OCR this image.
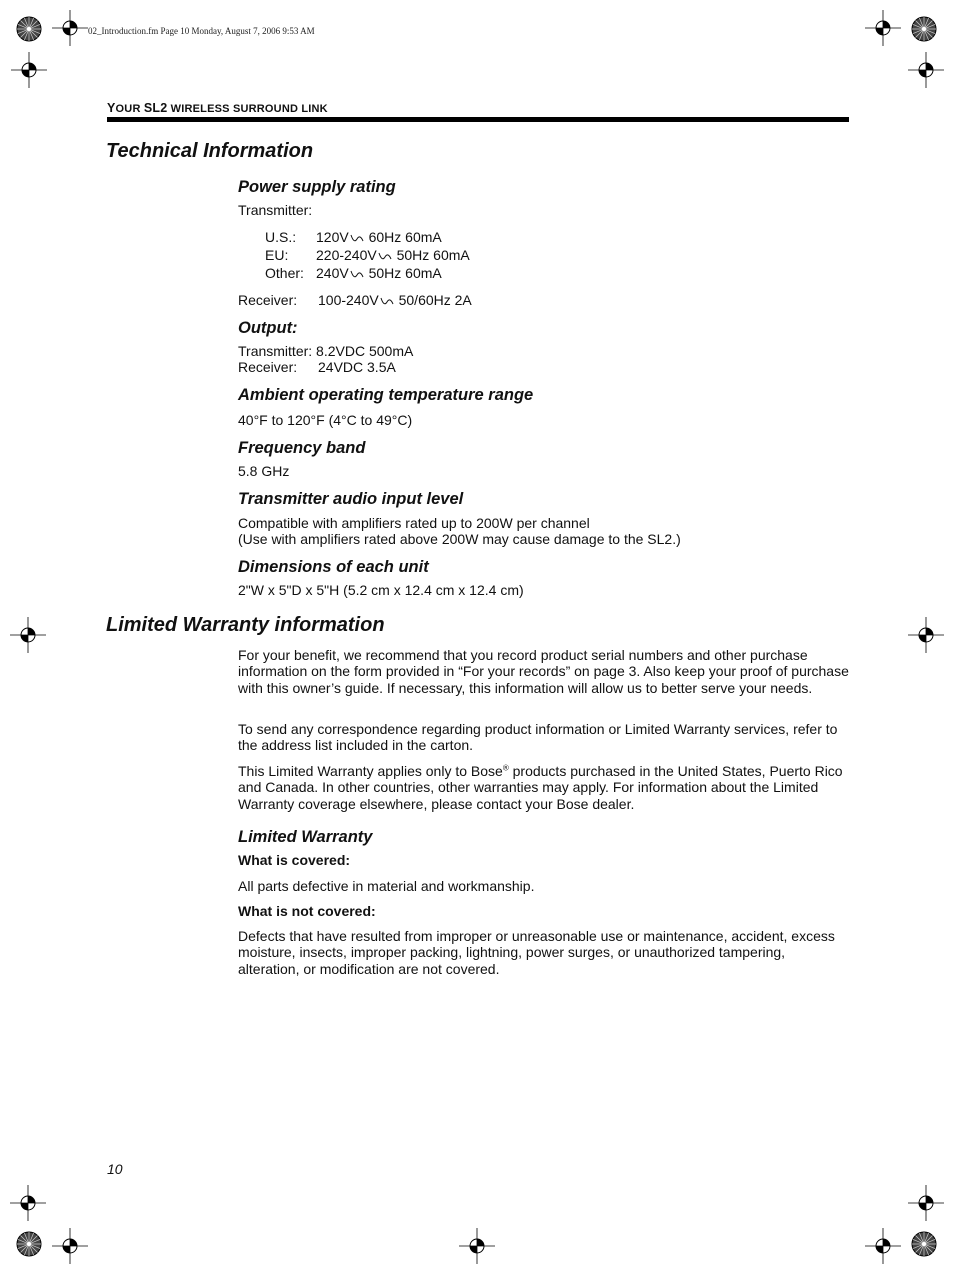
02_Introduction.fm Page 10 Monday, August 7, 2006 9:53 AM
YOUR SL2 WIRELESS SURROUND LINK
Technical Information
Power supply rating
Transmitter:
U.S.: 120V 60Hz 60mA
EU: 220-240V 50Hz 60mA
Other: 240V 50Hz 60mA
Receiver: 100-240V 50/60Hz 2A
Output:
Transmitter: 8.2VDC 500mA
Receiver: 24VDC 3.5A
Ambient operating temperature range
40°F to 120°F (4°C to 49°C)
Frequency band
5.8 GHz
Transmitter audio input level
Compatible with amplifiers rated up to 200W per channel
(Use with amplifiers rated above 200W may cause damage to the SL2.)
Dimensions of each unit
2"W x 5"D x 5"H (5.2 cm x 12.4 cm x 12.4 cm)
Limited Warranty information
For your benefit, we recommend that you record product serial numbers and other purchase information on the form provided in “For your records” on page 3. Also keep your proof of purchase with this owner’s guide. If necessary, this information will allow us to better serve your needs.
To send any correspondence regarding product information or Limited Warranty services, refer to the address list included in the carton.
This Limited Warranty applies only to Bose® products purchased in the United States, Puerto Rico and Canada. In other countries, other warranties may apply. For information about the Limited Warranty coverage elsewhere, please contact your Bose dealer.
Limited Warranty
What is covered:
All parts defective in material and workmanship.
What is not covered:
Defects that have resulted from improper or unreasonable use or maintenance, accident, excess moisture, insects, improper packing, lightning, power surges, or unauthorized tampering, alteration, or modification are not covered.
10
